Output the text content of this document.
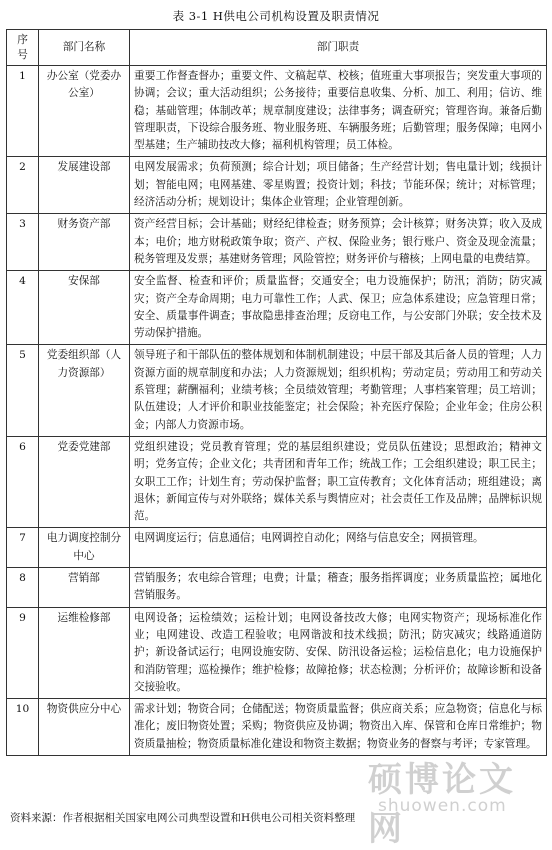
表 3-1 H供电公司机构设置及职责情况
序号	部门名称	部门职责
1	办公室（党委办公室）	重要工作督查督办；重要文件、文稿起草、校核；值班重大事项报告；突发重大事项的协调；会议；重大活动组织；公务接待；重要信息收集、分析、加工、利用；信访、维稳；基础管理；体制改革；规章制度建设；法律事务；调查研究；管理咨询。兼备后勤管理职责，下设综合服务班、物业服务班、车辆服务班；后勤管理；服务保障；电网小型基建；生产辅助技改大修；福利机构管理；员工体检。
2	发展建设部	电网发展需求；负荷预测；综合计划；项目储备；生产经营计划；售电量计划；线损计划；智能电网；电网基建、零星购置；投资计划；科技；节能环保；统计；对标管理；经济活动分析；规划设计；集体企业管理；企业管理创新。
3	财务资产部	资产经营目标；会计基础；财经纪律检查；财务预算；会计核算；财务决算；收入及成本；电价；地方财税政策争取；资产、产权、保险业务；银行账户、资金及现金流量；税务管理及发票；基建财务管理；风险管控；财务评价与稽核；上网电量的电费结算。
4	安保部	安全监督、检查和评价；质量监督；交通安全；电力设施保护；防汛；消防；防灾减灾；资产全寿命周期；电力可靠性工作；人武、保卫；应急体系建设；应急管理日常；安全、质量事件调查；事故隐患排查治理；反窃电工作，与公安部门外联；安全技术及劳动保护措施。
5	党委组织部（人力资源部）	领导班子和干部队伍的整体规划和体制机制建设；中层干部及其后备人员的管理；人力资源方面的规章制度和办法；人力资源规划；组织机构；劳动定员；劳动用工和劳动关系管理；薪酬福利；业绩考核；全员绩效管理；考勤管理；人事档案管理；员工培训；队伍建设；人才评价和职业技能鉴定；社会保险；补充医疗保险；企业年金；住房公积金；内部人力资源市场。
6	党委党建部	党组织建设；党员教育管理；党的基层组织建设；党员队伍建设；思想政治；精神文明；党务宣传；企业文化；共青团和青年工作；统战工作；工会组织建设；职工民主；女职工工作；计划生育；劳动保护监督；职工宣传教育；文化体育活动；班组建设；离退休；新闻宣传与对外联络；媒体关系与舆情应对；社会责任工作及品牌；品牌标识规范。
7	电力调度控制分中心	电网调度运行；信息通信；电网调控自动化；网络与信息安全；网损管理。
8	营销部	营销服务；农电综合管理；电费；计量；稽查；服务指挥调度；业务质量监控；属地化营销服务。
9	运维检修部	电网设备；运检绩效；运检计划；电网设备技改大修；电网实物资产；现场标准化作业；电网建设、改造工程验收；电网谐波和技术线损；防汛；防灾减灾；线路通道防护；新设备试运行；电网设施安防、安保、防汛设备运检；运检信息化；电力设施保护和消防管理；巡检操作；维护检修；故障抢修；状态检测；分析评价；故障诊断和设备交接验收。
10	物资供应分中心	需求计划；物资合同；仓储配送；物资质量监督；供应商关系；应急物资；信息化与标准化；废旧物资处置；采购；物资供应及协调；物资出入库、保管和仓库日常维护；物资质量抽检；物资质量标准化建设和物资主数据；物资业务的督察与考评；专家管理。
资料来源：作者根据相关国家电网公司典型设置和H供电公司相关资料整理
硕博论文网
shuowen.com
